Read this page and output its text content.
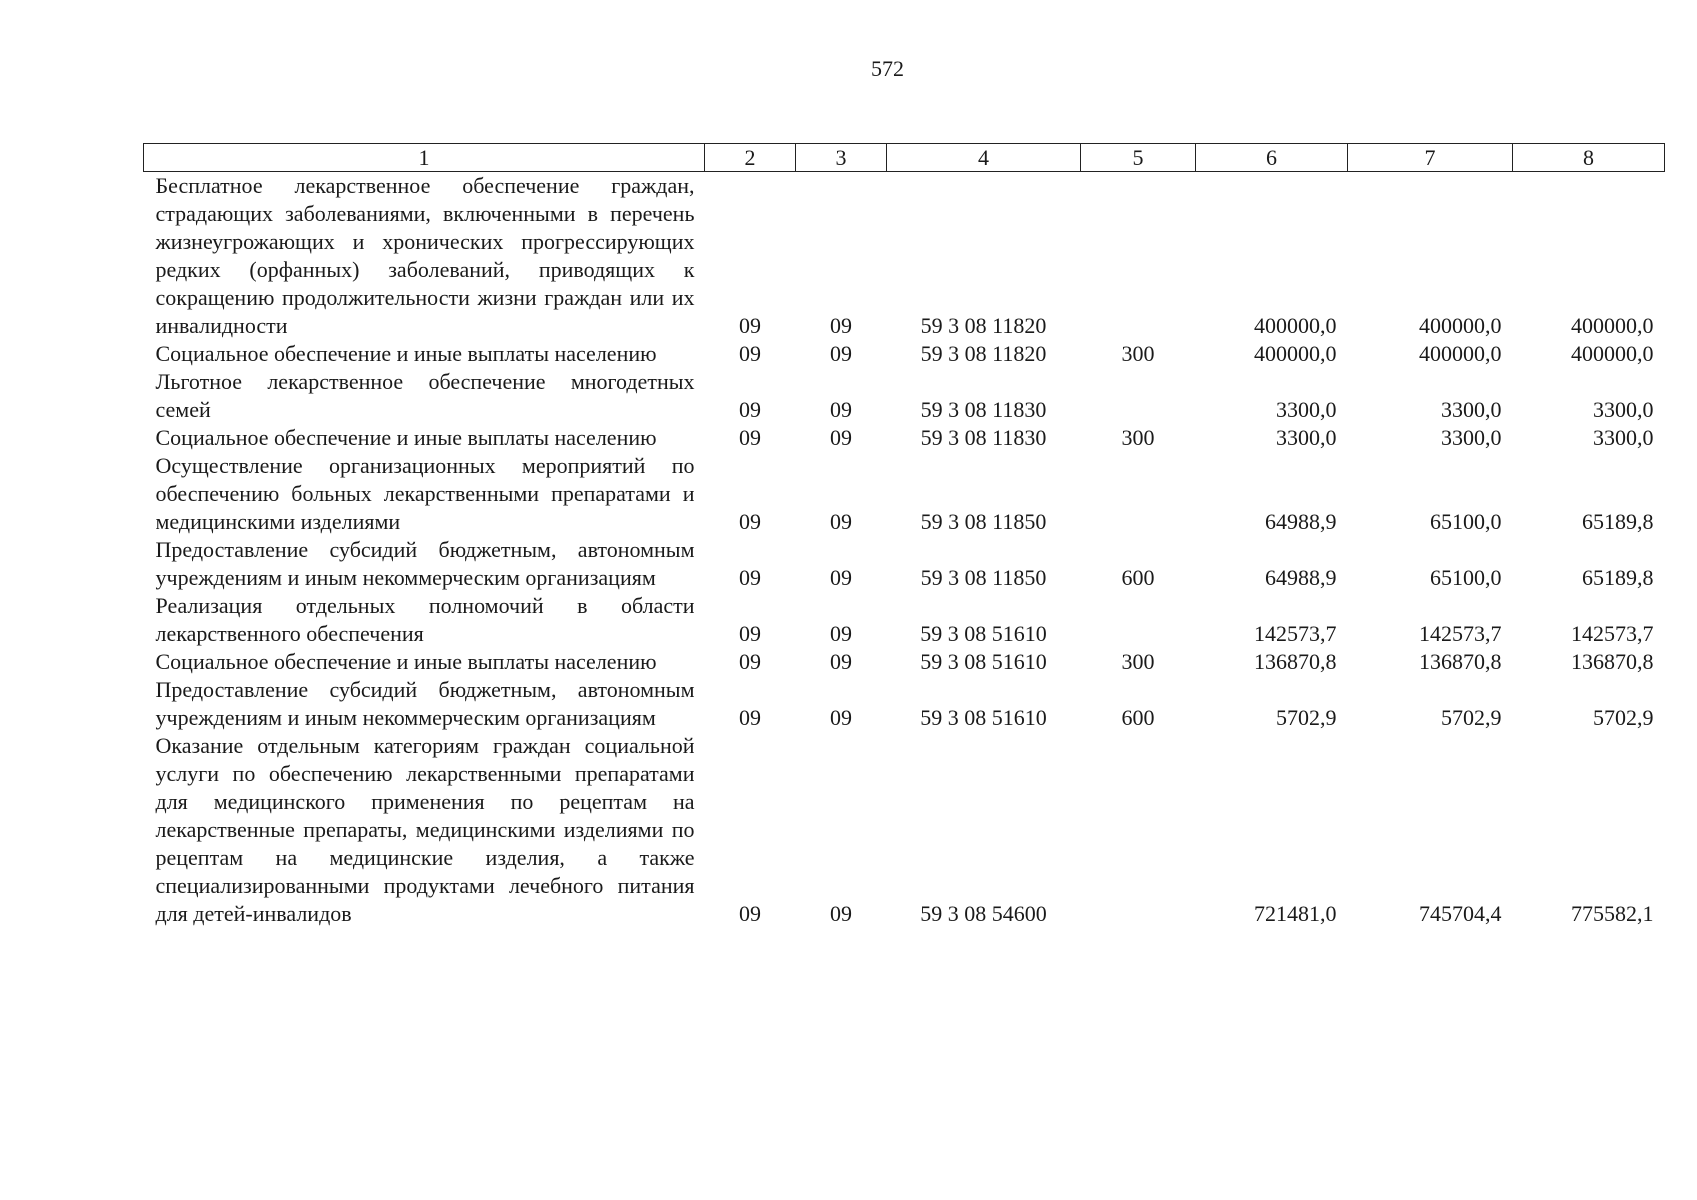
572
1	2	3	4	5	6	7	8
Бесплатное лекарственное обеспечение граждан, страдающих заболеваниями, включенными в перечень жизнеугрожающих и хронических прогрессирующих редких (орфанных) заболеваний, приводящих к сокращению продолжительности жизни граждан или их инвалидности	09	09	59 3 08 11820		400000,0	400000,0	400000,0
Социальное обеспечение и иные выплаты населению	09	09	59 3 08 11820	300	400000,0	400000,0	400000,0
Льготное лекарственное обеспечение многодетных семей	09	09	59 3 08 11830		3300,0	3300,0	3300,0
Социальное обеспечение и иные выплаты населению	09	09	59 3 08 11830	300	3300,0	3300,0	3300,0
Осуществление организационных мероприятий по обеспечению больных лекарственными препаратами и медицинскими изделиями	09	09	59 3 08 11850		64988,9	65100,0	65189,8
Предоставление субсидий бюджетным, автономным учреждениям и иным некоммерческим организациям	09	09	59 3 08 11850	600	64988,9	65100,0	65189,8
Реализация отдельных полномочий в области лекарственного обеспечения	09	09	59 3 08 51610		142573,7	142573,7	142573,7
Социальное обеспечение и иные выплаты населению	09	09	59 3 08 51610	300	136870,8	136870,8	136870,8
Предоставление субсидий бюджетным, автономным учреждениям и иным некоммерческим организациям	09	09	59 3 08 51610	600	5702,9	5702,9	5702,9
Оказание отдельным категориям граждан социальной услуги по обеспечению лекарственными препаратами для медицинского применения по рецептам на лекарственные препараты, медицинскими изделиями по рецептам на медицинские изделия, а также специализированными продуктами лечебного питания для детей-инвалидов	09	09	59 3 08 54600		721481,0	745704,4	775582,1
